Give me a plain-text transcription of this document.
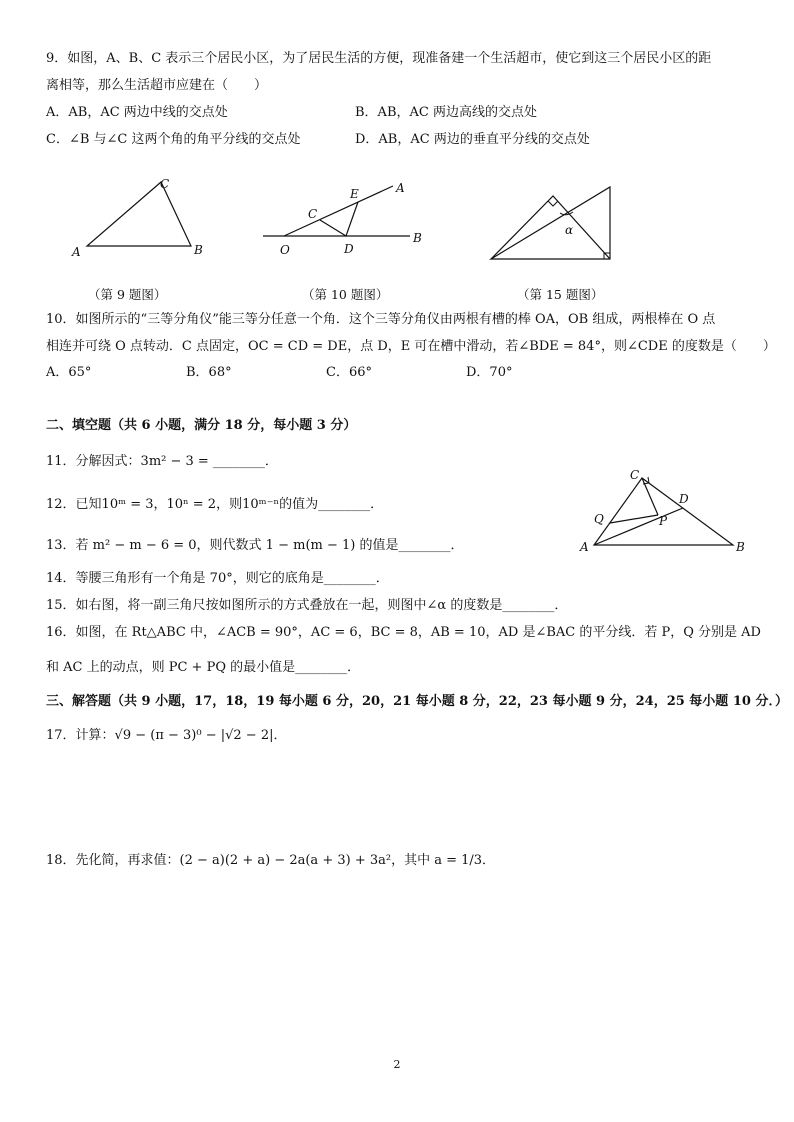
9．如图，A、B、C 表示三个居民小区，为了居民生活的方便，现准备建一个生活超市，使它到这三个居民小区的距
离相等，那么生活超市应建在（　　）
A．AB，AC 两边中线的交点处	B．AB，AC 两边高线的交点处
C．∠B 与∠C 这两个角的角平分线的交点处	D．AB，AC 两边的垂直平分线的交点处
A	B
C
（第 9 题图）
O
C
E
D
A
B
（第 10 题图）
α
（第 15 题图）
10．如图所示的“三等分角仪”能三等分任意一个角．这个三等分角仪由两根有槽的棒 OA，OB 组成，两根棒在 O 点
相连并可绕 O 点转动．C 点固定，OC = CD = DE，点 D，E 可在槽中滑动，若∠BDE = 84°，则∠CDE 的度数是（　　）
A．65°	B．68°	C．66°	D．70°
二、填空题（共 6 小题，满分 18 分，每小题 3 分）
11．分解因式：3m² − 3 = ________．
12．已知10ᵐ = 3，10ⁿ = 2，则10ᵐ⁻ⁿ的值为________．
13．若 m² − m − 6 = 0，则代数式 1 − m(m − 1) 的值是________．
14．等腰三角形有一个角是 70°，则它的底角是________．
15．如右图，将一副三角尺按如图所示的方式叠放在一起，则图中∠α 的度数是________．
16．如图，在 Rt△ABC 中，∠ACB = 90°，AC = 6，BC = 8，AB = 10，AD 是∠BAC 的平分线．若 P，Q 分别是 AD
和 AC 上的动点，则 PC + PQ 的最小值是________．
A	B
C
D
P
Q
三、解答题（共 9 小题，17，18，19 每小题 6 分，20，21 每小题 8 分，22，23 每小题 9 分，24，25 每小题 10 分．）
17．计算：√9 − (π − 3)⁰ − |√2 − 2|．
18．先化简，再求值：(2 − a)(2 + a) − 2a(a + 3) + 3a²，其中 a = 1/3．
2
